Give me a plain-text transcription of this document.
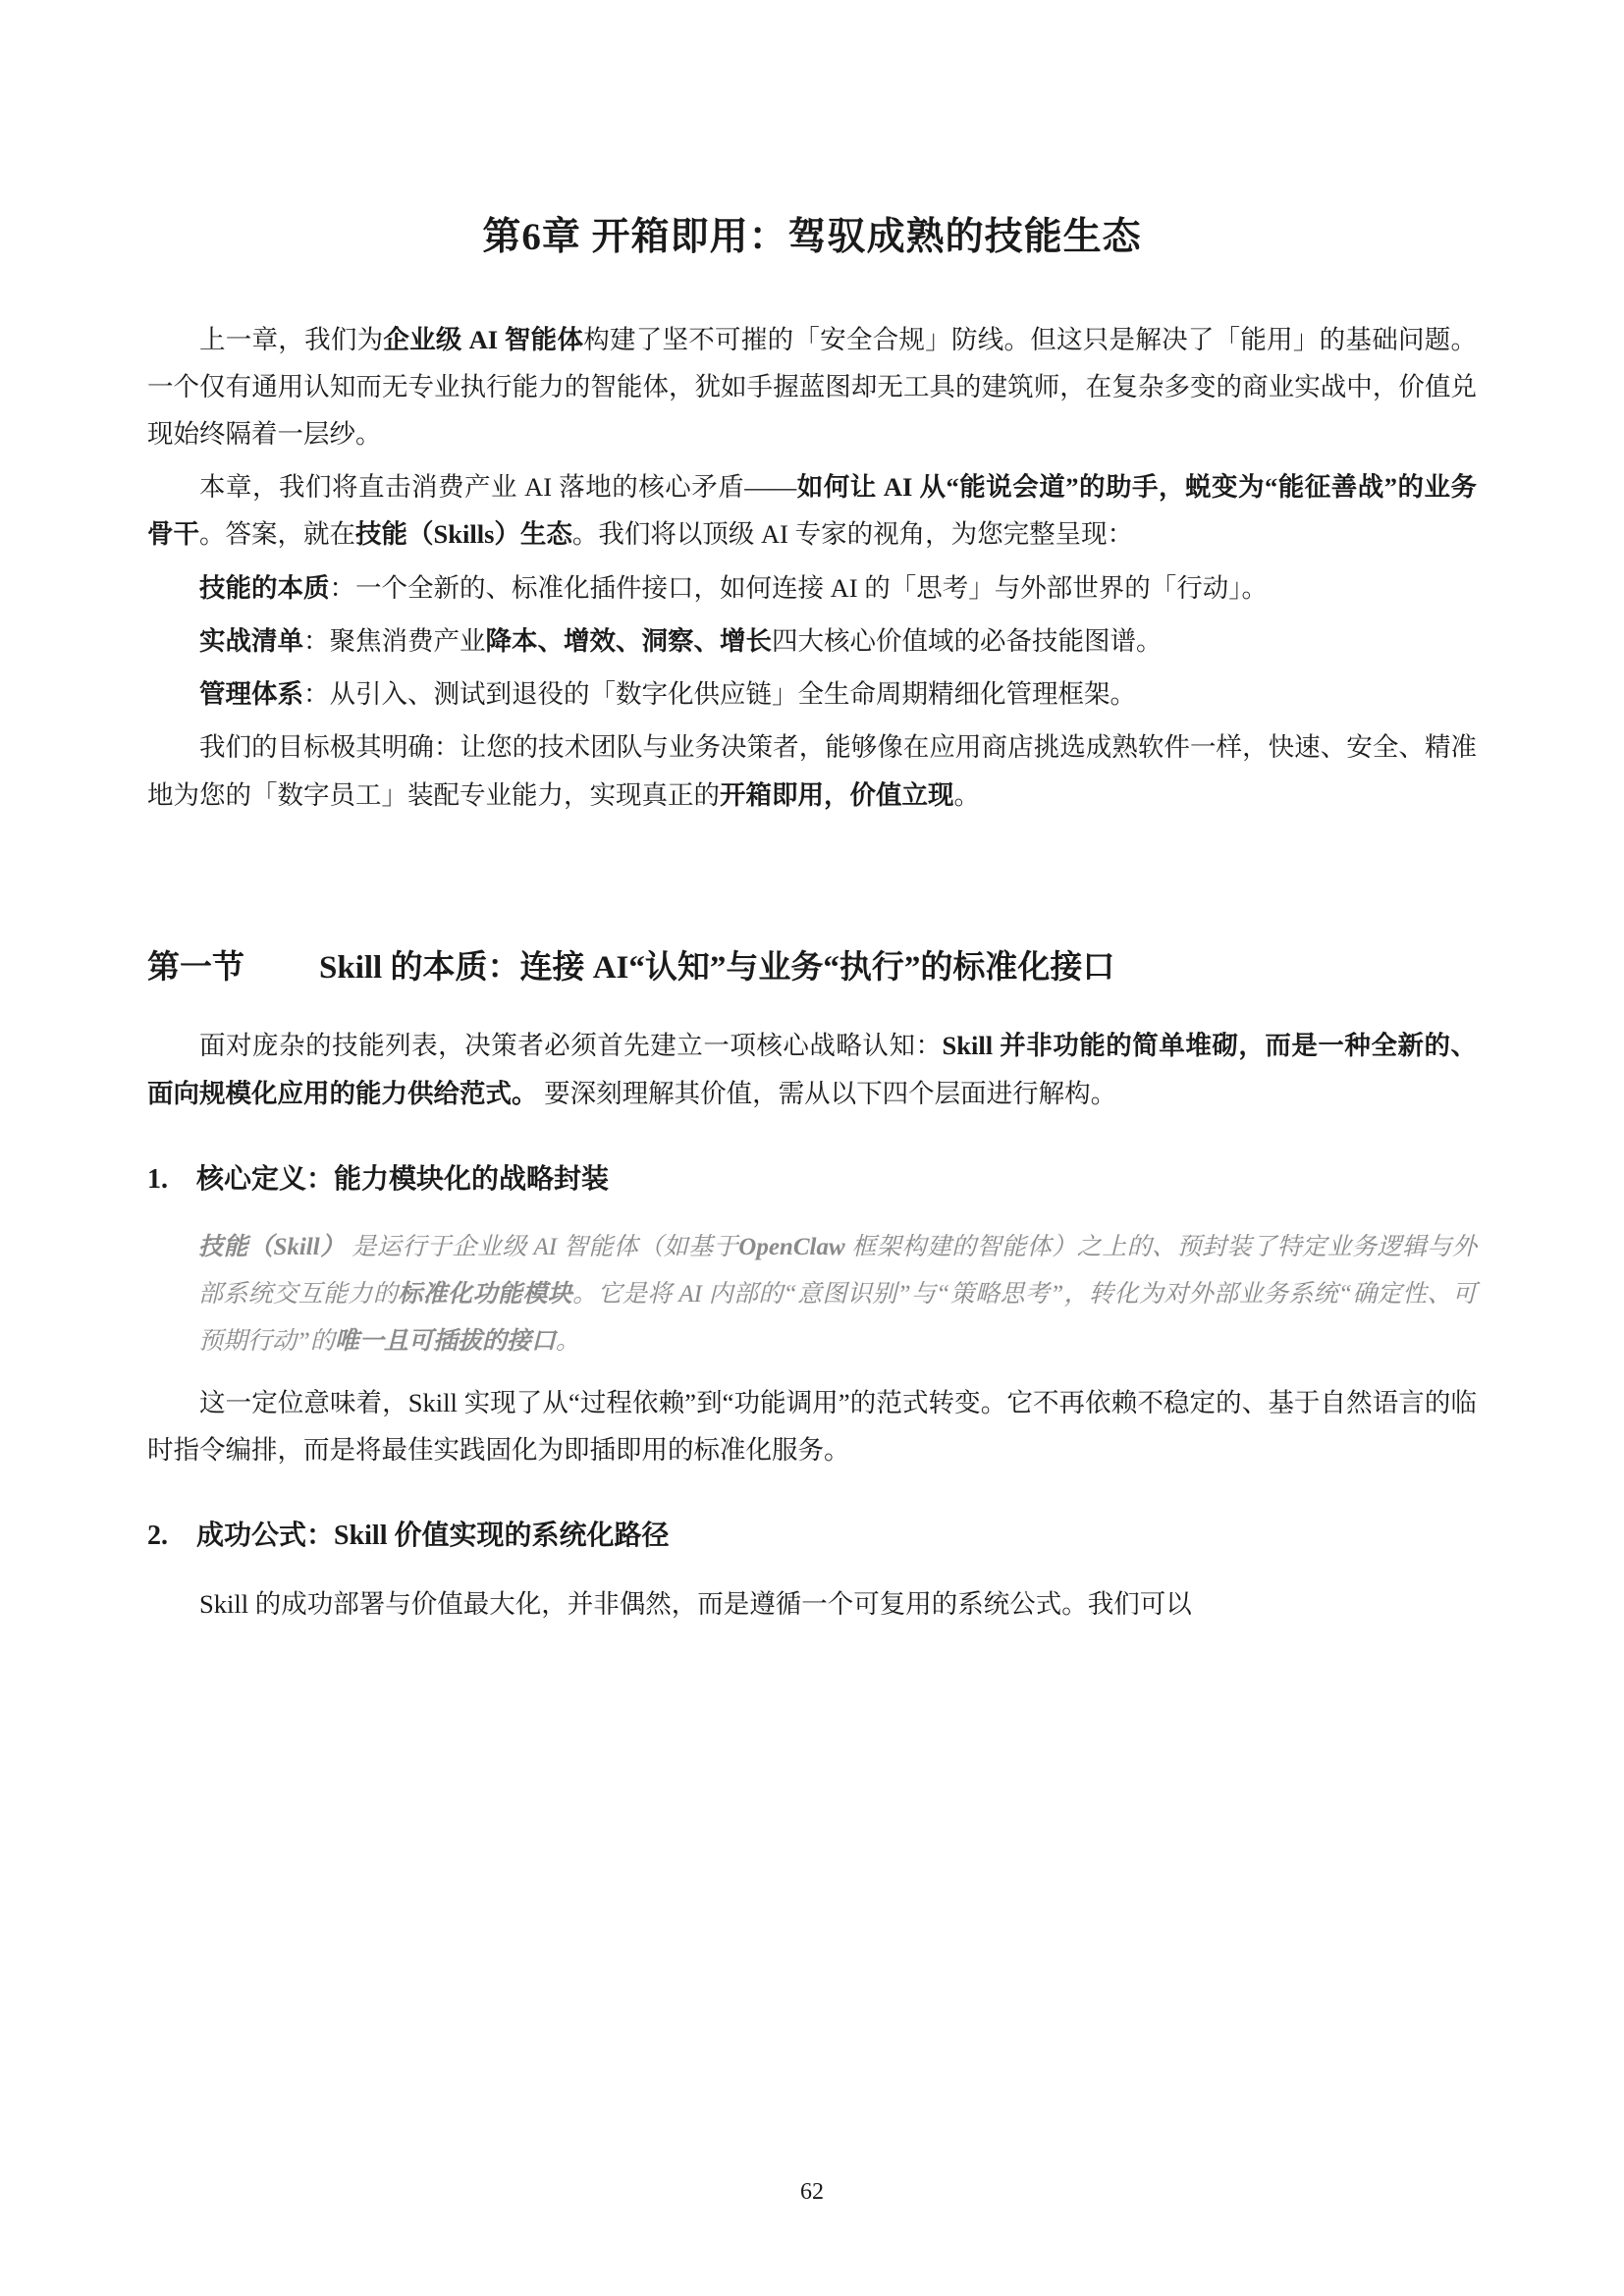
第6章 开箱即用：驾驭成熟的技能生态

上一章，我们为企业级 AI 智能体构建了坚不可摧的「安全合规」防线。但这只是解决了「能用」的基础问题。一个仅有通用认知而无专业执行能力的智能体，犹如手握蓝图却无工具的建筑师，在复杂多变的商业实战中，价值兑现始终隔着一层纱。

本章，我们将直击消费产业 AI 落地的核心矛盾——如何让 AI 从“能说会道”的助手，蜕变为“能征善战”的业务骨干。答案，就在技能（Skills）生态。我们将以顶级 AI 专家的视角，为您完整呈现：

技能的本质：一个全新的、标准化插件接口，如何连接 AI 的「思考」与外部世界的「行动」。

实战清单：聚焦消费产业降本、增效、洞察、增长四大核心价值域的必备技能图谱。

管理体系：从引入、测试到退役的「数字化供应链」全生命周期精细化管理框架。

我们的目标极其明确：让您的技术团队与业务决策者，能够像在应用商店挑选成熟软件一样，快速、安全、精准地为您的「数字员工」装配专业能力，实现真正的开箱即用，价值立现。

第一节	Skill 的本质：连接 AI“认知”与业务“执行”的标准化接口

面对庞杂的技能列表，决策者必须首先建立一项核心战略认知：Skill 并非功能的简单堆砌，而是一种全新的、面向规模化应用的能力供给范式。 要深刻理解其价值，需从以下四个层面进行解构。

1.	核心定义：能力模块化的战略封装

技能（Skill） 是运行于企业级 AI 智能体（如基于OpenClaw 框架构建的智能体）之上的、预封装了特定业务逻辑与外部系统交互能力的标准化功能模块。它是将 AI 内部的“意图识别”与“策略思考”，转化为对外部业务系统“确定性、可预期行动”的唯一且可插拔的接口。

这一定位意味着，Skill 实现了从“过程依赖”到“功能调用”的范式转变。它不再依赖不稳定的、基于自然语言的临时指令编排，而是将最佳实践固化为即插即用的标准化服务。

2.	成功公式：Skill 价值实现的系统化路径

Skill 的成功部署与价值最大化，并非偶然，而是遵循一个可复用的系统公式。我们可以

62
